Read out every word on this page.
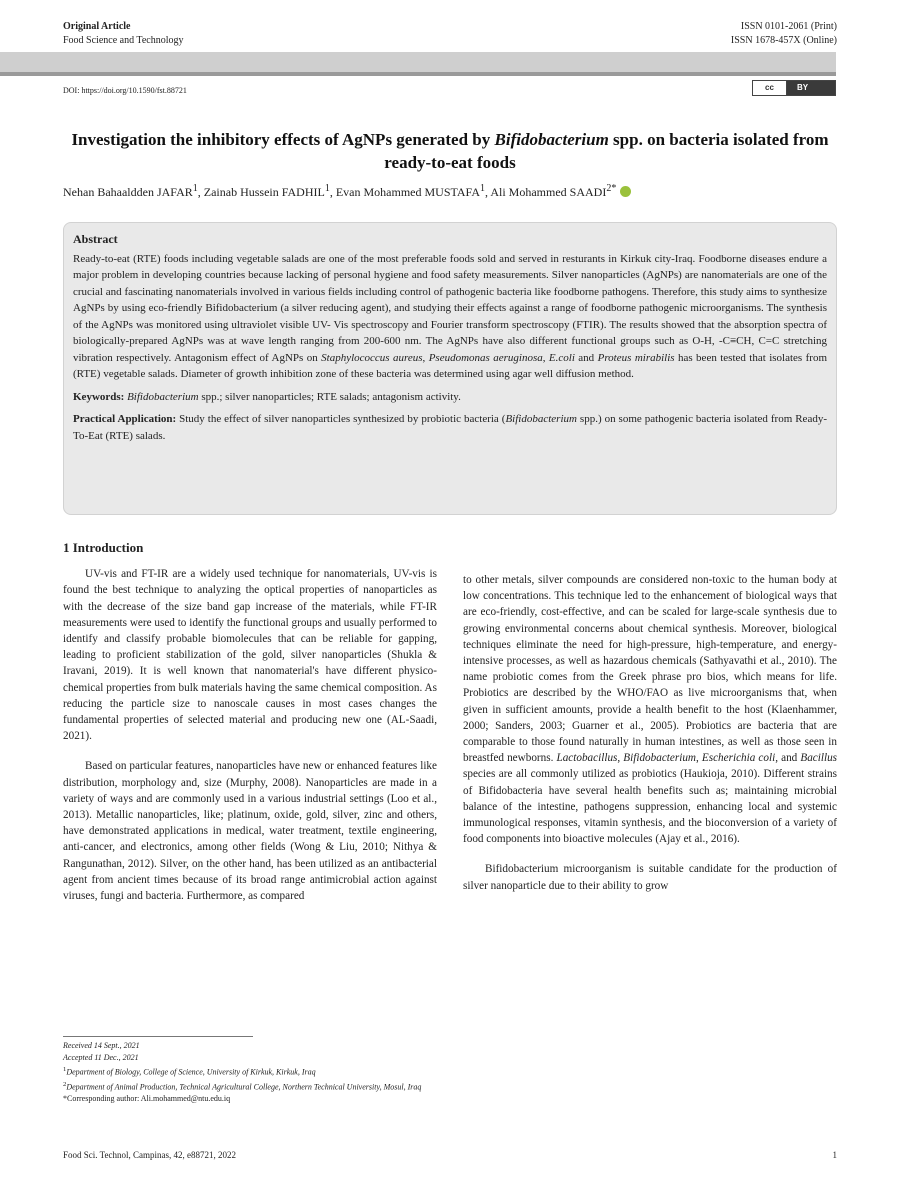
Original Article
Food Science and Technology
ISSN 0101-2061 (Print)
ISSN 1678-457X (Online)
DOI: https://doi.org/10.1590/fst.88721	cc	BY
Investigation the inhibitory effects of AgNPs generated by Bifidobacterium spp. on bacteria isolated from ready-to-eat foods
Nehan Bahaaldden JAFAR$^1$, Zainab Hussein FADHIL$^1$, Evan Mohammed MUSTAFA$^1$, Ali Mohammed $SAADI^{2*}$
Abstract
Ready-to-eat (RTE) foods including vegetable salads are one of the most preferable foods sold and served in resturants in Kirkuk city-Iraq. Foodborne diseases endure a major problem in developing countries because lacking of personal hygiene and food safety measurements. Silver nanoparticles (AgNPs) are nanomaterials are one of the crucial and fascinating nanomaterials involved in various fields including control of pathogenic bacteria like foodborne pathogens. Therefore, this study aims to synthesize AgNPs by using eco-friendly Bifidobacterium (a silver reducing agent), and studying their effects against a range of foodborne pathogenic microorganisms. The synthesis of the AgNPs was monitored using ultraviolet visible UV- Vis spectroscopy and Fourier transform spectroscopy (FTIR). The results showed that the absorption spectra of biologically-prepared AgNPs was at wave length ranging from 200-600 nm. The AgNPs have also different functional groups such as O-H, -C≡CH, C=C stretching vibration respectively. Antagonism effect of AgNPs on Staphylococcus aureus, Pseudomonas aeruginosa, E.coli and Proteus mirabilis has been tested that isolates from (RTE) vegetable salads. Diameter of growth inhibition zone of these bacteria was determined using agar well diffusion method.
Keywords: Bifidobacterium spp.; silver nanoparticles; RTE salads; antagonism activity.
Practical Application: Study the effect of silver nanoparticles synthesized by probiotic bacteria (Bifidobacterium spp.) on some pathogenic bacteria isolated from Ready-To-Eat (RTE) salads.
1 Introduction

UV-vis and FT-IR are a widely used technique for nanomaterials, UV-vis is found the best technique to analyzing the optical properties of nanoparticles as with the decrease of the size band gap increase of the materials, while FT-IR measurements were used to identify the functional groups and usually performed to identify and classify probable biomolecules that can be reliable for gapping, leading to proficient stabilization of the gold, silver nanoparticles (Shukla & Iravani, 2019). It is well known that nanomaterial's have different physico-chemical properties from bulk materials having the same chemical composition. As reducing the particle size to nanoscale causes in most cases changes the fundamental properties of selected material and producing new one (AL-Saadi, 2021).

Based on particular features, nanoparticles have new or enhanced features like distribution, morphology and, size (Murphy, 2008). Nanoparticles are made in a variety of ways and are commonly used in a various industrial settings (Loo et al., 2013). Metallic nanoparticles, like; platinum, oxide, gold, silver, zinc and others, have demonstrated applications in medical, water treatment, textile engineering, anti-cancer, and electronics, among other fields (Wong & Liu, 2010; Nithya & Rangunathan, 2012). Silver, on the other hand, has been utilized as an antibacterial agent from ancient times because of its broad range antimicrobial action against viruses, fungi and bacteria. Furthermore, as compared

to other metals, silver compounds are considered non-toxic to the human body at low concentrations. This technique led to the enhancement of biological ways that are eco-friendly, cost-effective, and can be scaled for large-scale synthesis due to growing environmental concerns about chemical synthesis. Moreover, biological techniques eliminate the need for high-pressure, high-temperature, and energy-intensive processes, as well as hazardous chemicals (Sathyavathi et al., 2010). The name probiotic comes from the Greek phrase pro bios, which means for life. Probiotics are described by the WHO/FAO as live microorganisms that, when given in sufficient amounts, provide a health benefit to the host (Klaenhammer, 2000; Sanders, 2003; Guarner et al., 2005). Probiotics are bacteria that are comparable to those found naturally in human intestines, as well as those seen in breastfed newborns. Lactobacillus, Bifidobacterium, Escherichia coli, and Bacillus species are all commonly utilized as probiotics (Haukioja, 2010). Different strains of Bifidobacteria have several health benefits such as; maintaining microbial balance of the intestine, pathogens suppression, enhancing local and systemic immunological responses, vitamin synthesis, and the bioconversion of a variety of food components into bioactive molecules (Ajay et al., 2016).

Bifidobacterium microorganism is suitable candidate for the production of silver nanoparticle due to their ability to grow

Received 14 Sept., 2021
Accepted 11 Dec., 2021
$^1$Department of Biology, College of Science, University of Kirkuk, Kirkuk, Iraq
$^2$Department of Animal Production, Technical Agricultural College, Northern Technical University, Mosul, Iraq
*Corresponding author: Ali.mohammed@ntu.edu.iq
Food Sci. Technol, Campinas, 42, e88721, 2022	1
